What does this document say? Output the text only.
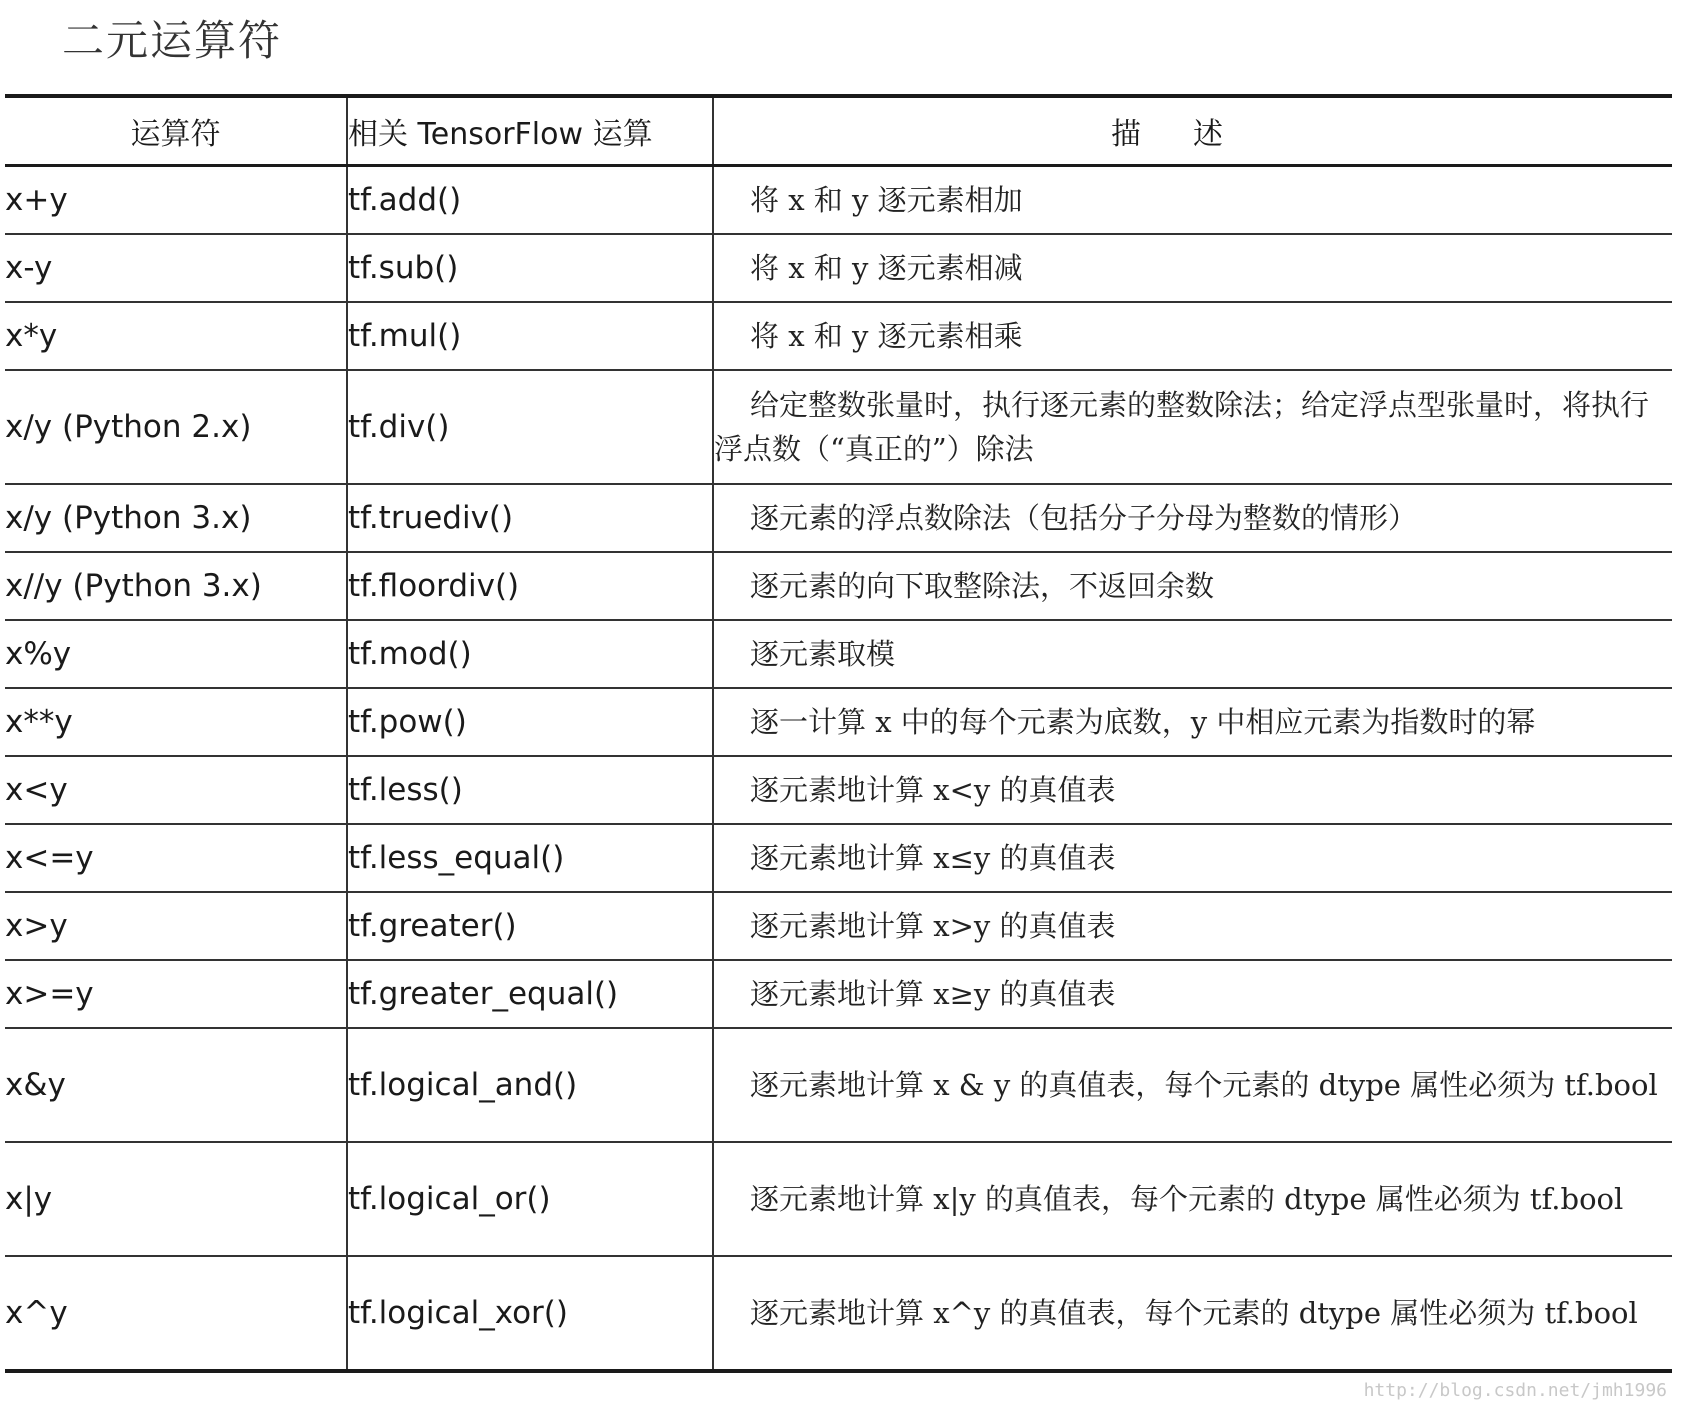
二元运算符
运算符	相关 TensorFlow 运算	描述
x+y	tf.add()	将 x 和 y 逐元素相加
x-y	tf.sub()	将 x 和 y 逐元素相减
x*y	tf.mul()	将 x 和 y 逐元素相乘
x/y (Python 2.x)	tf.div()	给定整数张量时，执行逐元素的整数除法；给定浮点型张量时，将执行浮点数（“真正的”）除法
x/y (Python 3.x)	tf.truediv()	逐元素的浮点数除法（包括分子分母为整数的情形）
x//y (Python 3.x)	tf.floordiv()	逐元素的向下取整除法，不返回余数
x%y	tf.mod()	逐元素取模
x**y	tf.pow()	逐一计算 x 中的每个元素为底数，y 中相应元素为指数时的幂
x<y	tf.less()	逐元素地计算 x<y 的真值表
x<=y	tf.less_equal()	逐元素地计算 x≤y 的真值表
x>y	tf.greater()	逐元素地计算 x>y 的真值表
x>=y	tf.greater_equal()	逐元素地计算 x≥y 的真值表
x&y	tf.logical_and()	逐元素地计算 x & y 的真值表，每个元素的 dtype 属性必须为 tf.bool
x|y	tf.logical_or()	逐元素地计算 x|y 的真值表，每个元素的 dtype 属性必须为 tf.bool
x^y	tf.logical_xor()	逐元素地计算 x^y 的真值表，每个元素的 dtype 属性必须为 tf.bool
http://blog.csdn.net/jmh1996
